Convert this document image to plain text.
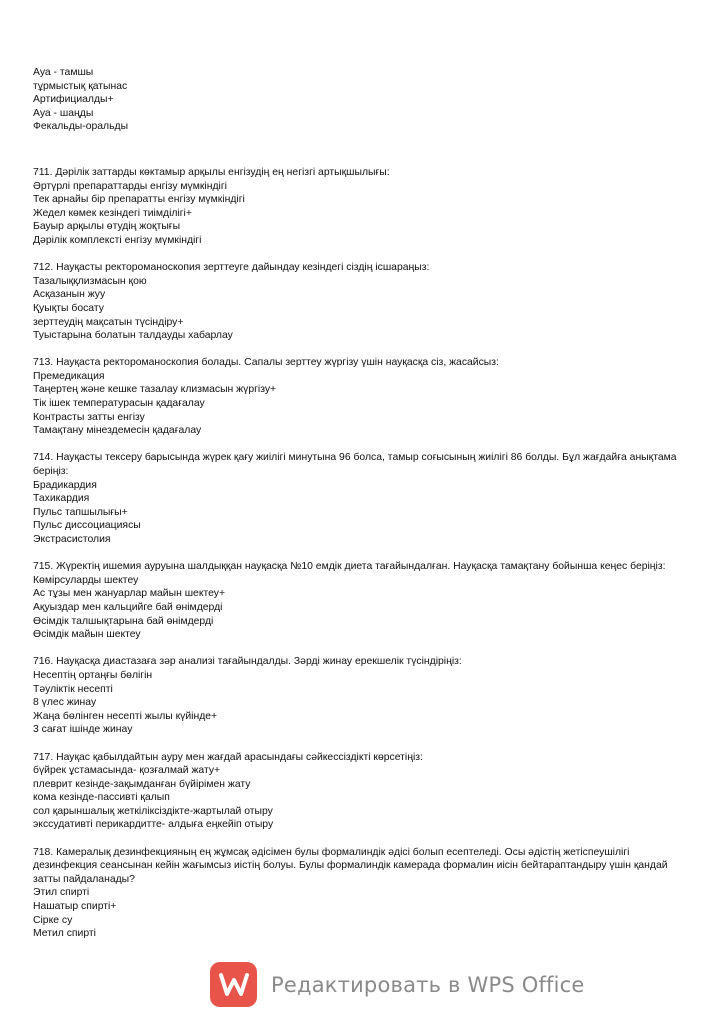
Ауа - тамшы
тұрмыстық қатынас
Артифициалды+
Ауа - шаңды
Фекальды-оральды
711. Дәрілік заттарды көктамыр арқылы енгізудің ең негізгі артықшылығы:
Әртүрлі препараттарды енгізу мүмкіндігі
Тек арнайы бір препаратты енгізу мүмкіндігі
Жедел көмек кезіндегі тиімділігі+
Бауыр арқылы өтудің жоқтығы
Дәрілік комплексті енгізу мүмкіндігі
712. Науқасты ректороманоскопия зерттеуге дайындау кезіндегі сіздің ісшараңыз:
Тазалыққлизмасын қою
Асқазанын жуу
Қуықты босату
зерттеудің мақсатын түсіндіру+
Туыстарына болатын талдауды хабарлау
713. Науқаста ректороманоскопия болады. Сапалы зерттеу жүргізу үшін науқасқа сіз, жасайсыз:
Премедикация
Таңертең және кешке тазалау клизмасын жүргізу+
Тік ішек температурасын қадағалау
Контрасты затты енгізу
Тамақтану мінездемесін қадағалау
714. Науқасты тексеру барысында жүрек қағу жиілігі минутына 96 болса, тамыр соғысының жиілігі 86 болды. Бұл жағдайға анықтама беріңіз:
Брадикардия
Тахикардия
Пульс тапшылығы+
Пульс диссоциациясы
Экстрасистолия
715. Жүректің ишемия ауруына шалдыққан науқасқа №10 емдік диета тағайындалған. Науқасқа тамақтану бойынша кеңес беріңіз:
Көмірсуларды шектеу
Ас тұзы мен жануарлар майын шектеу+
Ақуыздар мен кальцийге бай өнімдерді
Өсімдік талшықтарына бай өнімдерді
Өсімдік майын шектеу
716. Науқасқа диастазаға зәр анализі тағайындалды. Зәрді жинау ерекшелік түсіндіріңіз:
Несептің ортаңғы бөлігін
Тәуліктік несепті
8 үлес жинау
Жаңа бөлінген несепті жылы күйінде+
3 сағат ішінде жинау
717. Науқас қабылдайтын ауру мен жағдай арасындағы сәйкессіздікті көрсетіңіз:
бүйрек ұстамасында- қозғалмай жату+
плеврит кезінде-зақымданған бүйірімен жату
кома кезінде-пассивті қалып
сол қарыншалық жеткіліксіздікте-жартылай отыру
экссудативті перикардитте- алдыға еңкейіп отыру
718. Камералық дезинфекцияның ең жұмсақ әдісімен булы формалиндік әдісі болып есептеледі. Осы әдістің жетіспеушілігі дезинфекция сеансынан кейін жағымсыз иістің болуы. Булы формалиндік камерада формалин иісін бейтараптандыру үшін қандай затты пайдаланады?
Этил спирті
Нашатыр спирті+
Сірке су
Метил спирті
Редактировать в WPS Office
